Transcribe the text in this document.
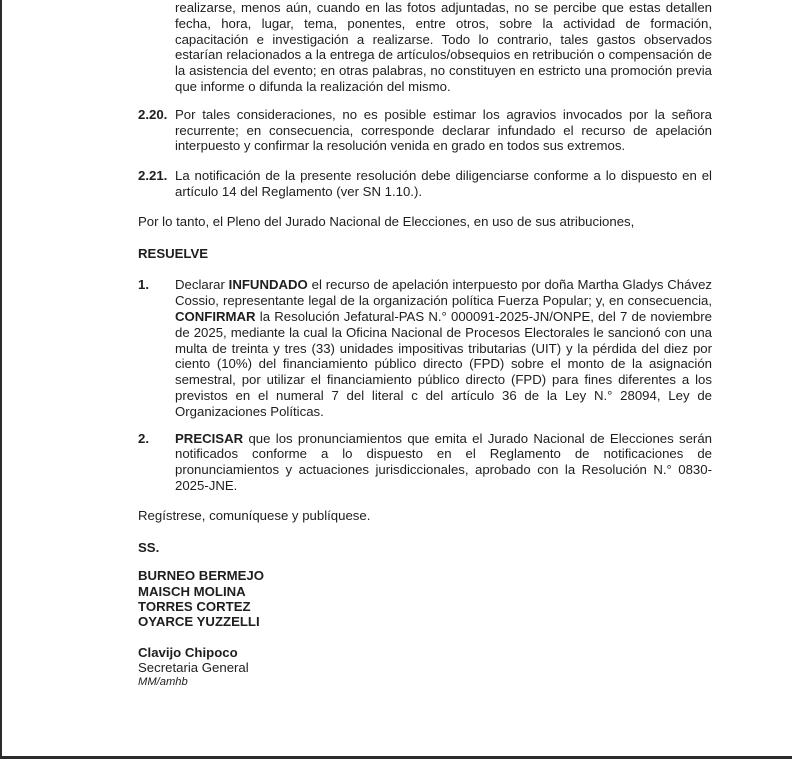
realizarse, menos aún, cuando en las fotos adjuntadas, no se percibe que estas detallen fecha, hora, lugar, tema, ponentes, entre otros, sobre la actividad de formación, capacitación e investigación a realizarse. Todo lo contrario, tales gastos observados estarían relacionados a la entrega de artículos/obsequios en retribución o compensación de la asistencia del evento; en otras palabras, no constituyen en estricto una promoción previa que informe o difunda la realización del mismo.

2.20. Por tales consideraciones, no es posible estimar los agravios invocados por la señora recurrente; en consecuencia, corresponde declarar infundado el recurso de apelación interpuesto y confirmar la resolución venida en grado en todos sus extremos.
2.21. La notificación de la presente resolución debe diligenciarse conforme a lo dispuesto en el artículo 14 del Reglamento (ver SN 1.10.).

Por lo tanto, el Pleno del Jurado Nacional de Elecciones, en uso de sus atribuciones,

RESUELVE

1.	Declarar INFUNDADO el recurso de apelación interpuesto por doña Martha Gladys Chávez Cossio, representante legal de la organización política Fuerza Popular; y, en consecuencia, CONFIRMAR la Resolución Jefatural-PAS N.° 000091-2025-JN/ONPE, del 7 de noviembre de 2025, mediante la cual la Oficina Nacional de Procesos Electorales le sancionó con una multa de treinta y tres (33) unidades impositivas tributarias (UIT) y la pérdida del diez por ciento (10%) del financiamiento público directo (FPD) sobre el monto de la asignación semestral, por utilizar el financiamiento público directo (FPD) para fines diferentes a los previstos en el numeral 7 del literal c del artículo 36 de la Ley N.° 28094, Ley de Organizaciones Políticas.
2.	PRECISAR que los pronunciamientos que emita el Jurado Nacional de Elecciones serán notificados conforme a lo dispuesto en el Reglamento de notificaciones de pronunciamientos y actuaciones jurisdiccionales, aprobado con la Resolución N.° 0830-2025-JNE.

Regístrese, comuníquese y publíquese.

SS.

BURNEO BERMEJO

MAISCH MOLINA

TORRES CORTEZ

OYARCE YUZZELLI

Clavijo Chipoco

Secretaria General

MM/amhb
